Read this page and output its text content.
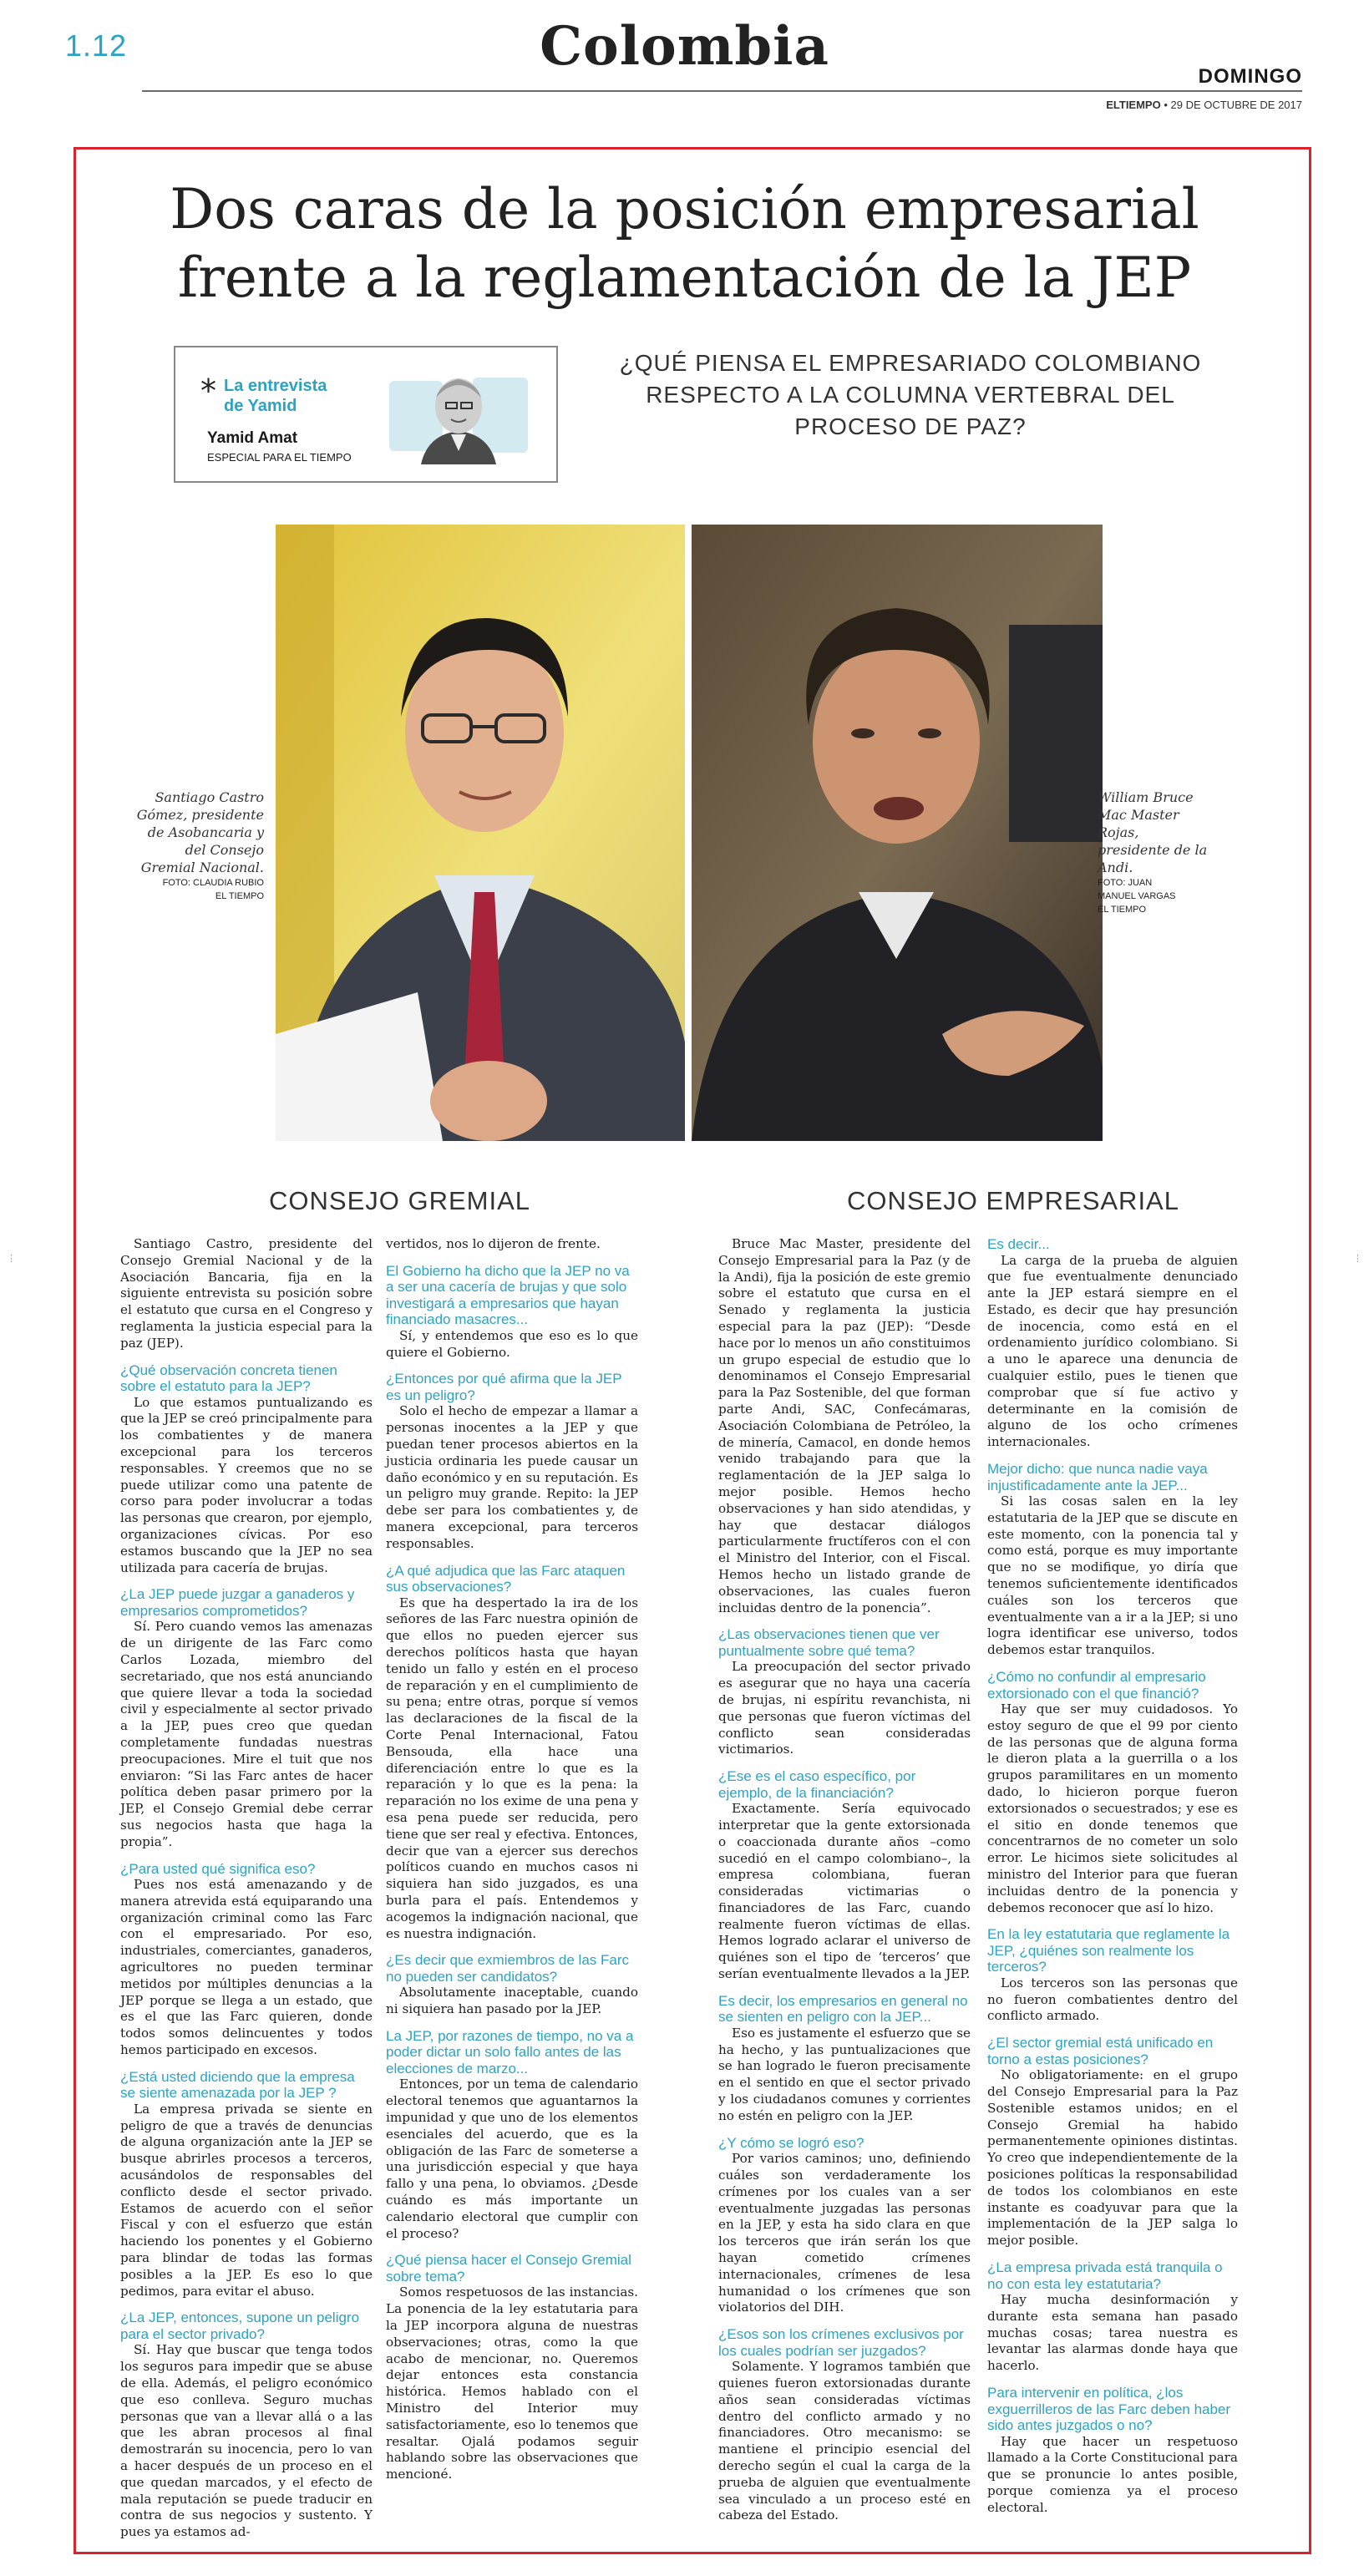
1.12	Colombia	DOMINGO
ELTIEMPO • 29 DE OCTUBRE DE 2017
⋮	⋮
Dos caras de la posición empresarial
frente a la reglamentación de la JEP
* La entrevista
de Yamid
Yamid Amat
ESPECIAL PARA EL TIEMPO
¿QUÉ PIENSA EL EMPRESARIADO COLOMBIANO RESPECTO A LA COLUMNA VERTEBRAL DEL PROCESO DE PAZ?
Santiago Castro Gómez, presidente de Asobancaria y del Consejo Gremial Nacional.
FOTO: CLAUDIA RUBIO
EL TIEMPO
William Bruce Mac Master Rojas, presidente de la Andi.
FOTO: JUAN
MANUEL VARGAS
EL TIEMPO
CONSEJO GREMIAL	CONSEJO EMPRESARIAL

Santiago Castro, presidente del Consejo Gremial Nacional y de la Asociación Bancaria, fija en la siguiente entrevista su posición sobre el estatuto que cursa en el Congreso y reglamenta la justicia especial para la paz (JEP).

¿Qué observación concreta tienen sobre el estatuto para la JEP?

Lo que estamos puntualizando es que la JEP se creó principalmente para los combatientes y de manera excepcional para los terceros responsables. Y creemos que no se puede utilizar como una patente de corso para poder involucrar a todas las personas que crearon, por ejemplo, organizaciones cívicas. Por eso estamos buscando que la JEP no sea utilizada para cacería de brujas.

¿La JEP puede juzgar a ganaderos y empresarios comprometidos?

Sí. Pero cuando vemos las amenazas de un dirigente de las Farc como Carlos Lozada, miembro del secretariado, que nos está anunciando que quiere llevar a toda la sociedad civil y especialmente al sector privado a la JEP, pues creo que quedan completamente fundadas nuestras preocupaciones. Mire el tuit que nos enviaron: “Si las Farc antes de hacer política deben pasar primero por la JEP, el Consejo Gremial debe cerrar sus negocios hasta que haga la propia”.

¿Para usted qué significa eso?

Pues nos está amenazando y de manera atrevida está equiparando una organización criminal como las Farc con el empresariado. Por eso, industriales, comerciantes, ganaderos, agricultores no pueden terminar metidos por múltiples denuncias a la JEP porque se llega a un estado, que es el que las Farc quieren, donde todos somos delincuentes y todos hemos participado en excesos.

¿Está usted diciendo que la empresa se siente amenazada por la JEP ?

La empresa privada se siente en peligro de que a través de denuncias de alguna organización ante la JEP se busque abrirles procesos a terceros, acusándolos de responsables del conflicto desde el sector privado. Estamos de acuerdo con el señor Fiscal y con el esfuerzo que están haciendo los ponentes y el Gobierno para blindar de todas las formas posibles a la JEP. Es eso lo que pedimos, para evitar el abuso.

¿La JEP, entonces, supone un peligro para el sector privado?

Sí. Hay que buscar que tenga todos los seguros para impedir que se abuse de ella. Además, el peligro económico que eso conlleva. Seguro muchas personas que van a llevar allá o a las que les abran procesos al final demostrarán su inocencia, pero lo van a hacer después de un proceso en el que quedan marcados, y el efecto de mala reputación se puede traducir en contra de sus negocios y sustento. Y pues ya estamos ad-

vertidos, nos lo dijeron de frente.

El Gobierno ha dicho que la JEP no va a ser una cacería de brujas y que solo investigará a empresarios que hayan financiado masacres...

Sí, y entendemos que eso es lo que quiere el Gobierno.

¿Entonces por qué afirma que la JEP es un peligro?

Solo el hecho de empezar a llamar a personas inocentes a la JEP y que puedan tener procesos abiertos en la justicia ordinaria les puede causar un daño económico y en su reputación. Es un peligro muy grande. Repito: la JEP debe ser para los combatientes y, de manera excepcional, para terceros responsables.

¿A qué adjudica que las Farc ataquen sus observaciones?

Es que ha despertado la ira de los señores de las Farc nuestra opinión de que ellos no pueden ejercer sus derechos políticos hasta que hayan tenido un fallo y estén en el proceso de reparación y en el cumplimiento de su pena; entre otras, porque sí vemos las declaraciones de la fiscal de la Corte Penal Internacional, Fatou Bensouda, ella hace una diferenciación entre lo que es la reparación y lo que es la pena: la reparación no los exime de una pena y esa pena puede ser reducida, pero tiene que ser real y efectiva. Entonces, decir que van a ejercer sus derechos políticos cuando en muchos casos ni siquiera han sido juzgados, es una burla para el país. Entendemos y acogemos la indignación nacional, que es nuestra indignación.

¿Es decir que exmiembros de las Farc no pueden ser candidatos?

Absolutamente inaceptable, cuando ni siquiera han pasado por la JEP.

La JEP, por razones de tiempo, no va a poder dictar un solo fallo antes de las elecciones de marzo...

Entonces, por un tema de calendario electoral tenemos que aguantarnos la impunidad y que uno de los elementos esenciales del acuerdo, que es la obligación de las Farc de someterse a una jurisdicción especial y que haya fallo y una pena, lo obviamos. ¿Desde cuándo es más importante un calendario electoral que cumplir con el proceso?

¿Qué piensa hacer el Consejo Gremial sobre tema?

Somos respetuosos de las instancias. La ponencia de la ley estatutaria para la JEP incorpora alguna de nuestras observaciones; otras, como la que acabo de mencionar, no. Queremos dejar entonces esta constancia histórica. Hemos hablado con el Ministro del Interior muy satisfactoriamente, eso lo tenemos que resaltar. Ojalá podamos seguir hablando sobre las observaciones que mencioné.

Bruce Mac Master, presidente del Consejo Empresarial para la Paz (y de la Andi), fija la posición de este gremio sobre el estatuto que cursa en el Senado y reglamenta la justicia especial para la paz (JEP): “Desde hace por lo menos un año constituimos un grupo especial de estudio que lo denominamos el Consejo Empresarial para la Paz Sostenible, del que forman parte Andi, SAC, Confecámaras, Asociación Colombiana de Petróleo, la de minería, Camacol, en donde hemos venido trabajando para que la reglamentación de la JEP salga lo mejor posible. Hemos hecho observaciones y han sido atendidas, y hay que destacar diálogos particularmente fructíferos con el con el Ministro del Interior, con el Fiscal. Hemos hecho un listado grande de observaciones, las cuales fueron incluidas dentro de la ponencia”.

¿Las observaciones tienen que ver puntualmente sobre qué tema?

La preocupación del sector privado es asegurar que no haya una cacería de brujas, ni espíritu revanchista, ni que personas que fueron víctimas del conflicto sean consideradas victimarios.

¿Ese es el caso específico, por ejemplo, de la financiación?

Exactamente. Sería equivocado interpretar que la gente extorsionada o coaccionada durante años –como sucedió en el campo colombiano–, la empresa colombiana, fueran consideradas victimarias o financiadores de las Farc, cuando realmente fueron víctimas de ellas. Hemos logrado aclarar el universo de quiénes son el tipo de ‘terceros’ que serían eventualmente llevados a la JEP.

Es decir, los empresarios en general no se sienten en peligro con la JEP...

Eso es justamente el esfuerzo que se ha hecho, y las puntualizaciones que se han logrado le fueron precisamente en el sentido en que el sector privado y los ciudadanos comunes y corrientes no estén en peligro con la JEP.

¿Y cómo se logró eso?

Por varios caminos; uno, definiendo cuáles son verdaderamente los crímenes por los cuales van a ser eventualmente juzgadas las personas en la JEP, y esta ha sido clara en que los terceros que irán serán los que hayan cometido crímenes internacionales, crímenes de lesa humanidad o los crímenes que son violatorios del DIH.

¿Esos son los crímenes exclusivos por los cuales podrían ser juzgados?

Solamente. Y logramos también que quienes fueron extorsionadas durante años sean consideradas víctimas dentro del conflicto armado y no financiadores. Otro mecanismo: se mantiene el principio esencial del derecho según el cual la carga de la prueba de alguien que eventualmente sea vinculado a un proceso esté en cabeza del Estado.

Es decir...

La carga de la prueba de alguien que fue eventualmente denunciado ante la JEP estará siempre en el Estado, es decir que hay presunción de inocencia, como está en el ordenamiento jurídico colombiano. Si a uno le aparece una denuncia de cualquier estilo, pues le tienen que comprobar que sí fue activo y determinante en la comisión de alguno de los ocho crímenes internacionales.

Mejor dicho: que nunca nadie vaya injustificadamente ante la JEP...

Si las cosas salen en la ley estatutaria de la JEP que se discute en este momento, con la ponencia tal y como está, porque es muy importante que no se modifique, yo diría que tenemos suficientemente identificados cuáles son los terceros que eventualmente van a ir a la JEP; si uno logra identificar ese universo, todos debemos estar tranquilos.

¿Cómo no confundir al empresario extorsionado con el que financió?

Hay que ser muy cuidadosos. Yo estoy seguro de que el 99 por ciento de las personas que de alguna forma le dieron plata a la guerrilla o a los grupos paramilitares en un momento dado, lo hicieron porque fueron extorsionados o secuestrados; y ese es el sitio en donde tenemos que concentrarnos de no cometer un solo error. Le hicimos siete solicitudes al ministro del Interior para que fueran incluidas dentro de la ponencia y debemos reconocer que así lo hizo.

En la ley estatutaria que reglamente la JEP, ¿quiénes son realmente los terceros?

Los terceros son las personas que no fueron combatientes dentro del conflicto armado.

¿El sector gremial está unificado en torno a estas posiciones?

No obligatoriamente: en el grupo del Consejo Empresarial para la Paz Sostenible estamos unidos; en el Consejo Gremial ha habido permanentemente opiniones distintas. Yo creo que independientemente de la posiciones políticas la responsabilidad de todos los colombianos en este instante es coadyuvar para que la implementación de la JEP salga lo mejor posible.

¿La empresa privada está tranquila o no con esta ley estatutaria?

Hay mucha desinformación y durante esta semana han pasado muchas cosas; tarea nuestra es levantar las alarmas donde haya que hacerlo.

Para intervenir en política, ¿los exguerrilleros de las Farc deben haber sido antes juzgados o no?

Hay que hacer un respetuoso llamado a la Corte Constitucional para que se pronuncie lo antes posible, porque comienza ya el proceso electoral.
